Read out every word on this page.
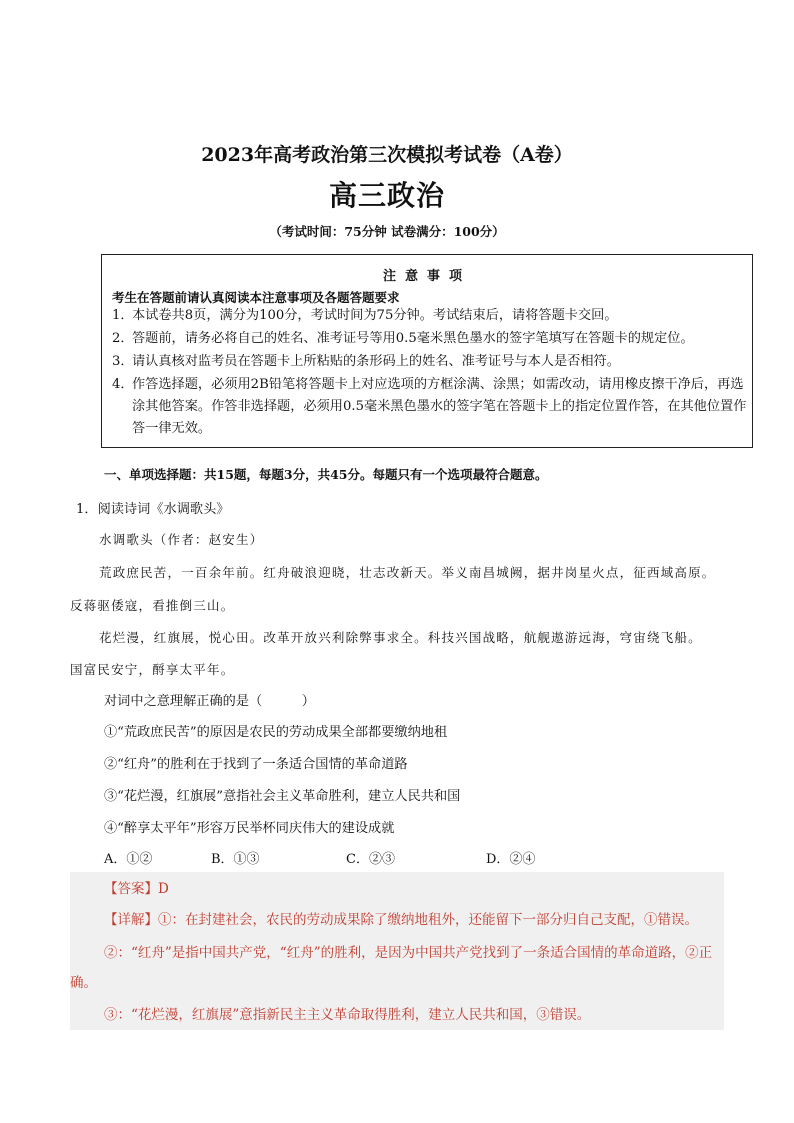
2023年高考政治第三次模拟考试卷（A卷）
高三政治
（考试时间：75分钟 试卷满分：100分）
注意事项
考生在答题前请认真阅读本注意事项及各题答题要求
1．
本试卷共8页，满分为100分，考试时间为75分钟。考试结束后，请将答题卡交回。
2．
答题前，请务必将自己的姓名、准考证号等用0.5毫米黑色墨水的签字笔填写在答题卡的规定位。
3．
请认真核对监考员在答题卡上所粘贴的条形码上的姓名、准考证号与本人是否相符。
4．
作答选择题，必须用2B铅笔将答题卡上对应选项的方框涂满、涂黑；如需改动，请用橡皮擦干净后，再选涂其他答案。作答非选择题，必须用0.5毫米黑色墨水的签字笔在答题卡上的指定位置作答，在其他位置作答一律无效。
一、单项选择题：共15题，每题3分，共45分。每题只有一个选项最符合题意。
1．阅读诗词《水调歌头》
水调歌头（作者：赵安生）
荒政庶民苦，一百余年前。红舟破浪迎晓，壮志改新天。举义南昌城阙，据井岗星火点，征西域高原。
反蒋驱倭寇，看推倒三山。
花烂漫，红旗展，悦心田。改革开放兴利除弊事求全。科技兴国战略，航舰遨游远海，穹宙绕飞船。
国富民安宁，酹享太平年。
对词中之意理解正确的是（　　　）
①“荒政庶民苦”的原因是农民的劳动成果全部都要缴纳地租
②“红舟”的胜利在于找到了一条适合国情的革命道路
③“花烂漫，红旗展”意指社会主义革命胜利，建立人民共和国
④“醉享太平年”形容万民举杯同庆伟大的建设成就
A．①②	B．①③	C．②③	D．②④
【答案】D
【详解】①：在封建社会，农民的劳动成果除了缴纳地租外，还能留下一部分归自己支配，①错误。
②：“红舟”是指中国共产党，“红舟”的胜利，是因为中国共产党找到了一条适合国情的革命道路，②正
确。
③：“花烂漫，红旗展”意指新民主主义革命取得胜利，建立人民共和国，③错误。
